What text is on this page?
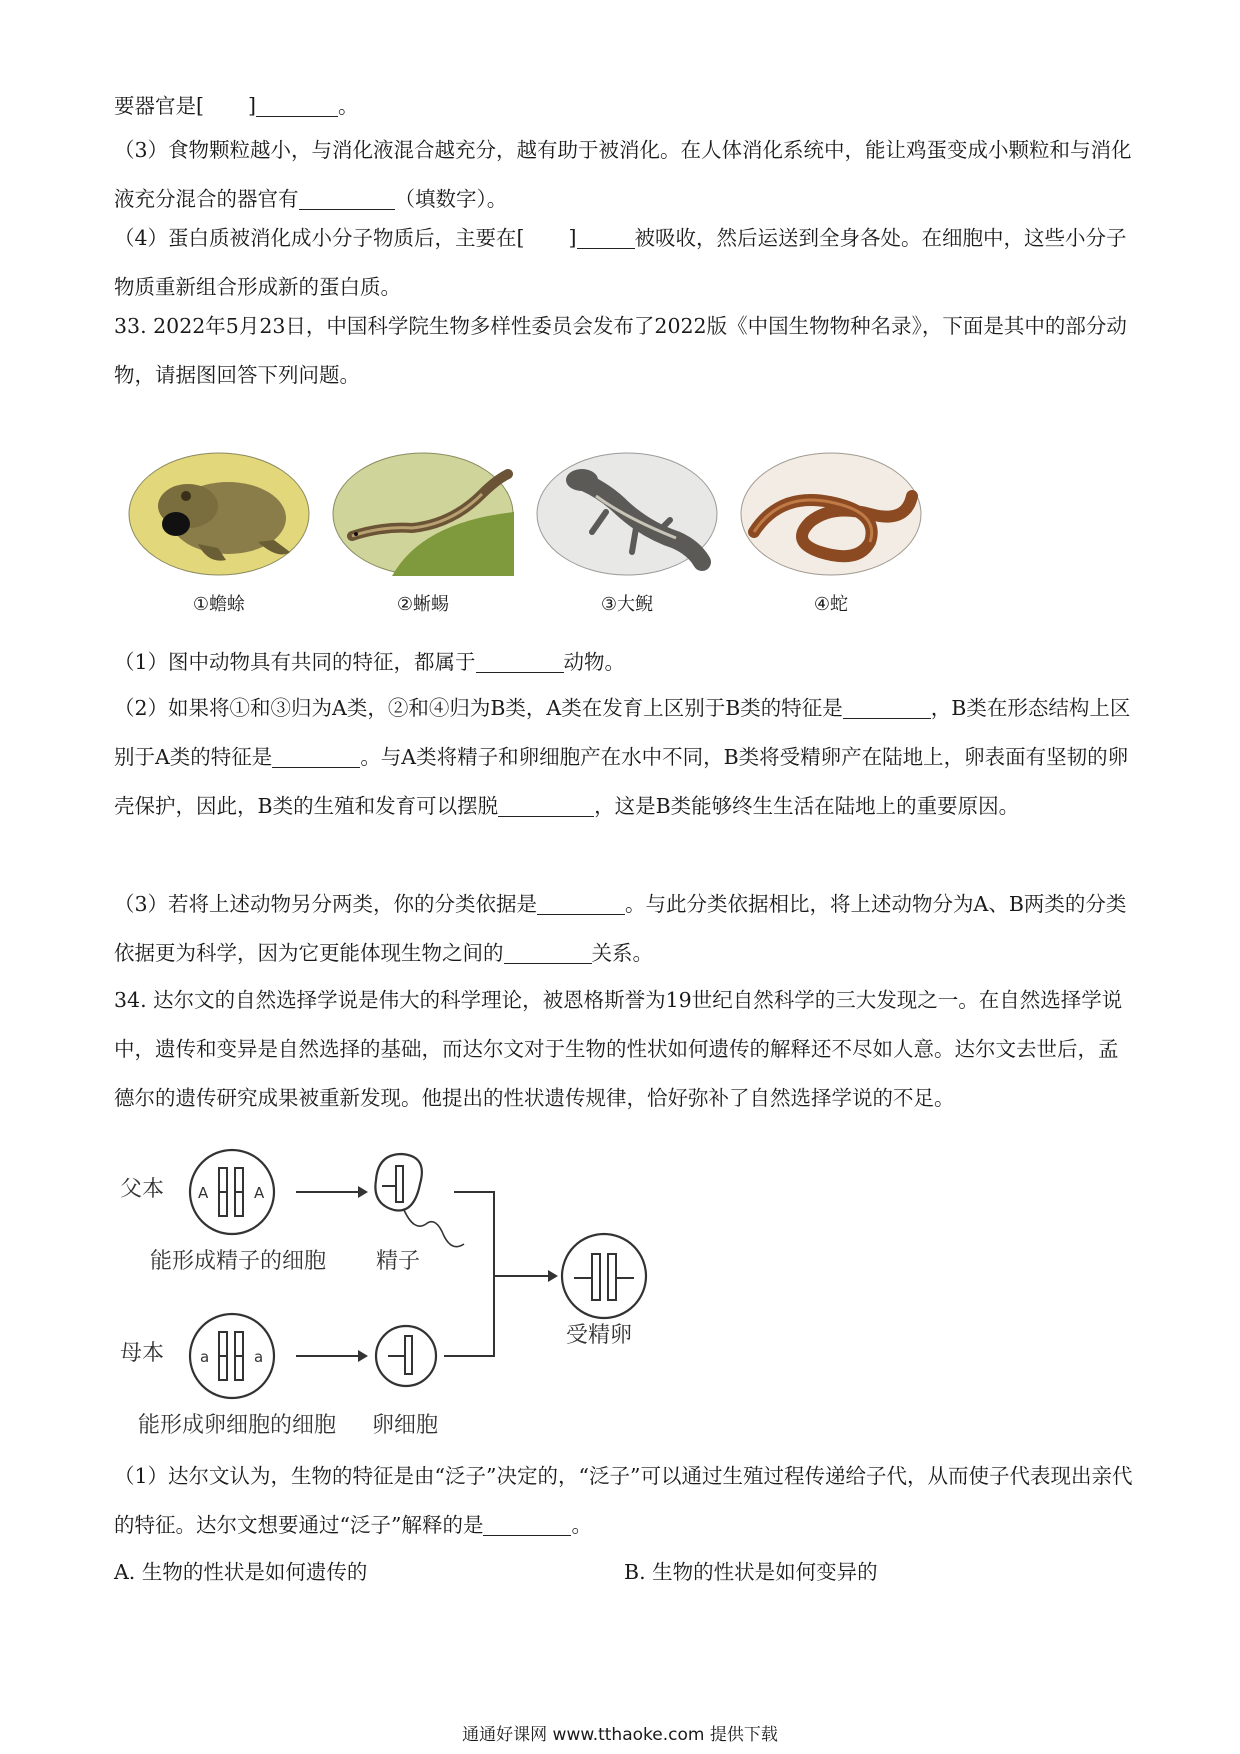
要器官是[ ]	。

（3）食物颗粒越小，与消化液混合越充分，越有助于被消化。在人体消化系统中，能让鸡蛋变成小颗粒和与消化液充分混合的器官有	（填数字）。

（4）蛋白质被消化成小分子物质后，主要在[ ]	被吸收，然后运送到全身各处。在细胞中，这些小分子物质重新组合形成新的蛋白质。

33. 2022年5月23日，中国科学院生物多样性委员会发布了2022版《中国生物物种名录》，下面是其中的部分动物，请据图回答下列问题。

①蟾蜍	②蜥蜴	③大鲵	④蛇

（1）图中动物具有共同的特征，都属于	动物。

（2）如果将①和③归为A类，②和④归为B类，A类在发育上区别于B类的特征是	，B类在形态结构上区别于A类的特征是	。与A类将精子和卵细胞产在水中不同，B类将受精卵产在陆地上，卵表面有坚韧的卵壳保护，因此，B类的生殖和发育可以摆脱	，这是B类能够终生生活在陆地上的重要原因。

（3）若将上述动物另分两类，你的分类依据是	。与此分类依据相比，将上述动物分为A、B两类的分类依据更为科学，因为它更能体现生物之间的	关系。

34. 达尔文的自然选择学说是伟大的科学理论，被恩格斯誉为19世纪自然科学的三大发现之一。在自然选择学说中，遗传和变异是自然选择的基础，而达尔文对于生物的性状如何遗传的解释还不尽如人意。达尔文去世后，孟德尔的遗传研究成果被重新发现。他提出的性状遗传规律，恰好弥补了自然选择学说的不足。

父本 A	A
能形成精子的细胞 精子
母本 a	a
能形成卵细胞的细胞 卵细胞
受精卵

（1）达尔文认为，生物的特征是由“泛子”决定的，“泛子”可以通过生殖过程传递给子代，从而使子代表现出亲代的特征。达尔文想要通过“泛子”解释的是	。

A. 生物的性状是如何遗传的	B. 生物的性状是如何变异的

通通好课网 www.tthaoke.com 提供下载
